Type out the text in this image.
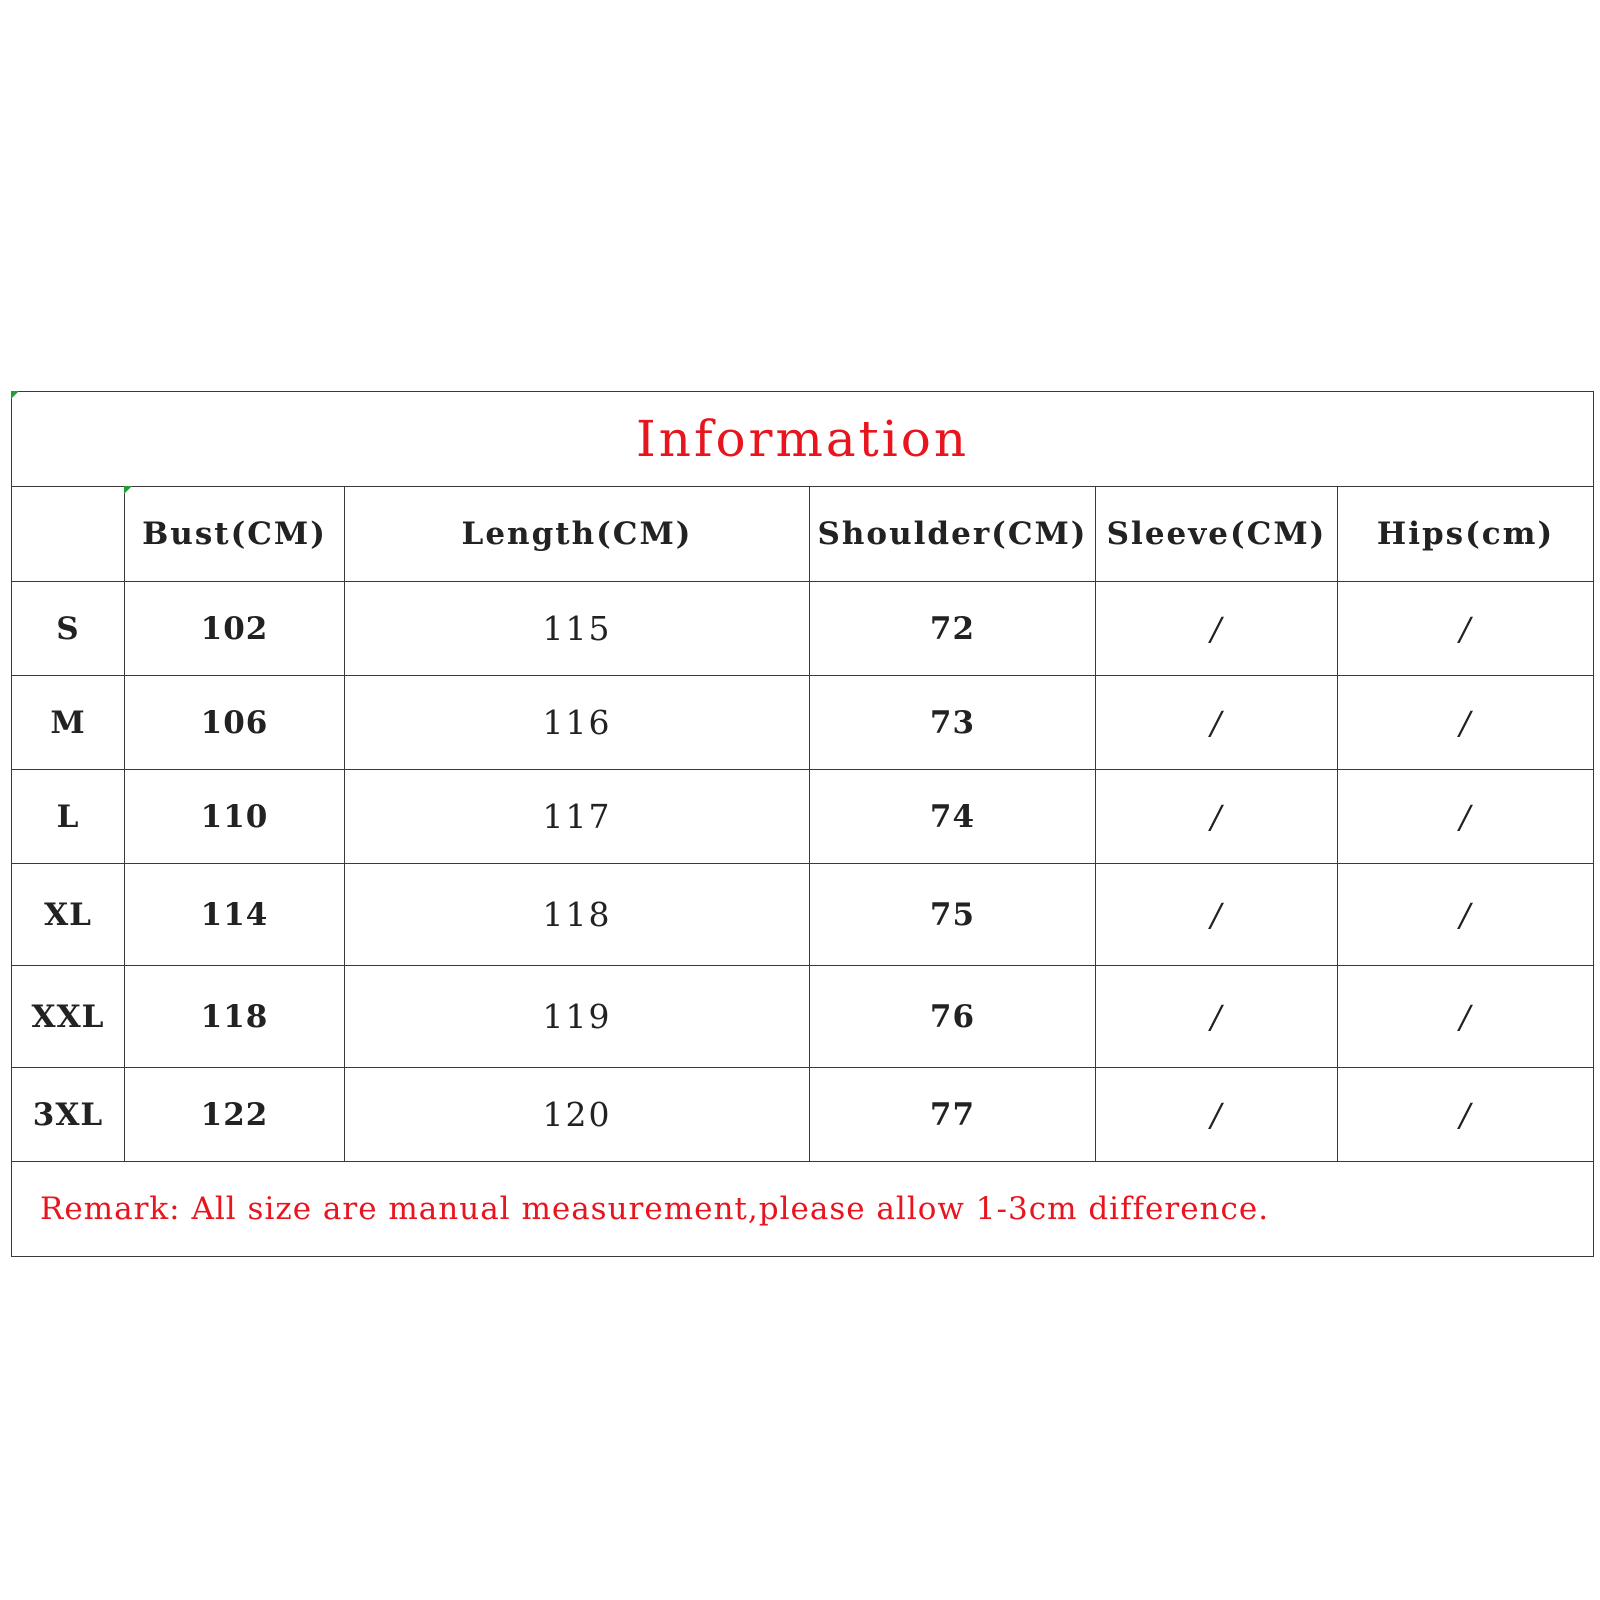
Information					
	Bust(CM)	Length(CM)	Shoulder(CM)	Sleeve(CM)	Hips(cm)
S	102	115	72	/	/
M	106	116	73	/	/
L	110	117	74	/	/
XL	114	118	75	/	/
XXL	118	119	76	/	/
3XL	122	120	77	/	/
Remark: All size are manual measurement,please allow 1-3cm difference.					
